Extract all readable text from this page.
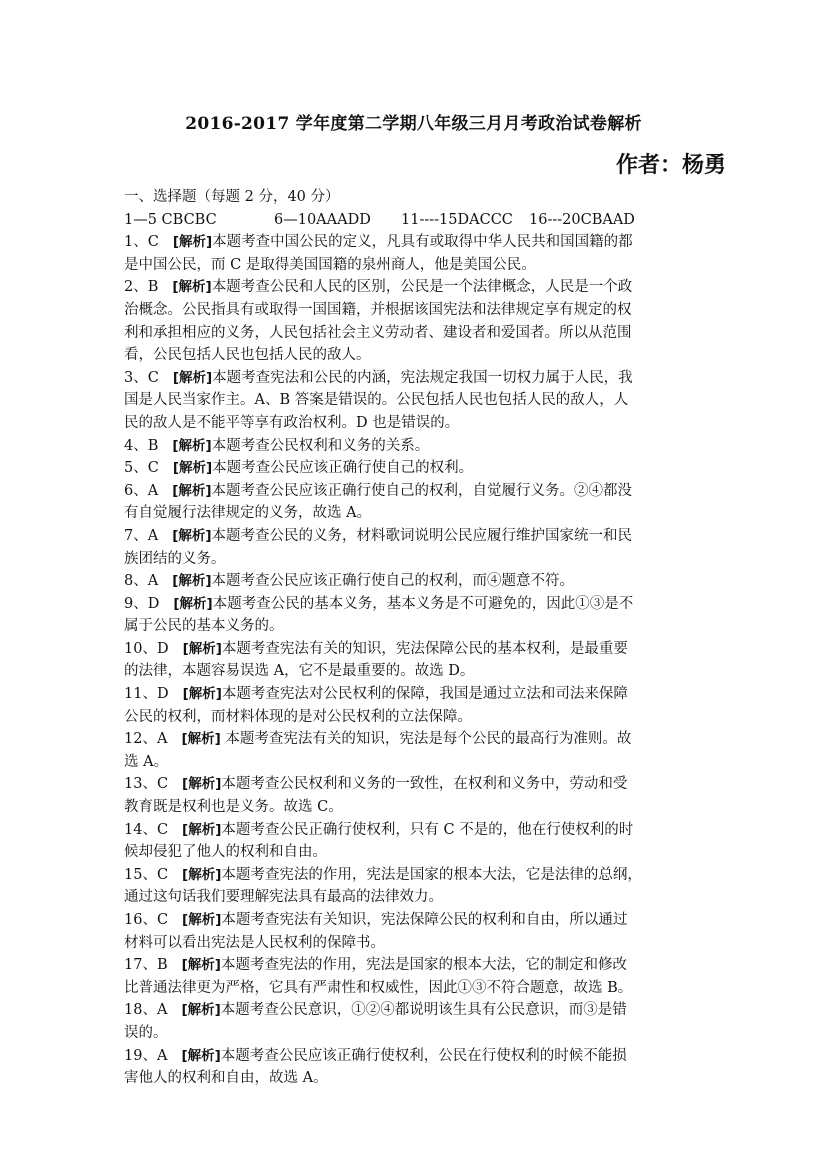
2016-2017 学年度第二学期八年级三月月考政治试卷解析
作者：杨勇
一、选择题（每题 2 分，40 分）
1—5 CBCBC	6—10AAADD 11----15DACCC 16---20CBAAD
1、C [解析]本题考查中国公民的定义，凡具有或取得中华人民共和国国籍的都
是中国公民，而 C 是取得美国国籍的泉州商人，他是美国公民。
2、B [解析]本题考查公民和人民的区别，公民是一个法律概念，人民是一个政
治概念。公民指具有或取得一国国籍，并根据该国宪法和法律规定享有规定的权
利和承担相应的义务，人民包括社会主义劳动者、建设者和爱国者。所以从范围
看，公民包括人民也包括人民的敌人。
3、C [解析]本题考查宪法和公民的内涵，宪法规定我国一切权力属于人民，我
国是人民当家作主。A、B 答案是错误的。公民包括人民也包括人民的敌人，人
民的敌人是不能平等享有政治权利。D 也是错误的。
4、B [解析]本题考查公民权利和义务的关系。
5、C [解析]本题考查公民应该正确行使自己的权利。
6、A [解析]本题考查公民应该正确行使自己的权利，自觉履行义务。②④都没
有自觉履行法律规定的义务，故选 A。
7、A [解析]本题考查公民的义务，材料歌词说明公民应履行维护国家统一和民
族团结的义务。
8、A [解析]本题考查公民应该正确行使自己的权利，而④题意不符。
9、D [解析]本题考查公民的基本义务，基本义务是不可避免的，因此①③是不
属于公民的基本义务的。
10、D [解析]本题考查宪法有关的知识，宪法保障公民的基本权利，是最重要
的法律，本题容易误选 A，它不是最重要的。故选 D。
11、D [解析]本题考查宪法对公民权利的保障，我国是通过立法和司法来保障
公民的权利，而材料体现的是对公民权利的立法保障。
12、A [解析] 本题考查宪法有关的知识，宪法是每个公民的最高行为准则。故
选 A。
13、C [解析]本题考查公民权利和义务的一致性，在权利和义务中，劳动和受
教育既是权利也是义务。故选 C。
14、C [解析]本题考查公民正确行使权利，只有 C 不是的，他在行使权利的时
候却侵犯了他人的权利和自由。
15、C [解析]本题考查宪法的作用，宪法是国家的根本大法，它是法律的总纲，
通过这句话我们要理解宪法具有最高的法律效力。
16、C [解析]本题考查宪法有关知识，宪法保障公民的权利和自由，所以通过
材料可以看出宪法是人民权利的保障书。
17、B [解析]本题考查宪法的作用，宪法是国家的根本大法，它的制定和修改
比普通法律更为严格，它具有严肃性和权威性，因此①③不符合题意，故选 B。
18、A [解析]本题考查公民意识，①②④都说明该生具有公民意识，而③是错
误的。
19、A [解析]本题考查公民应该正确行使权利，公民在行使权利的时候不能损
害他人的权利和自由，故选 A。
